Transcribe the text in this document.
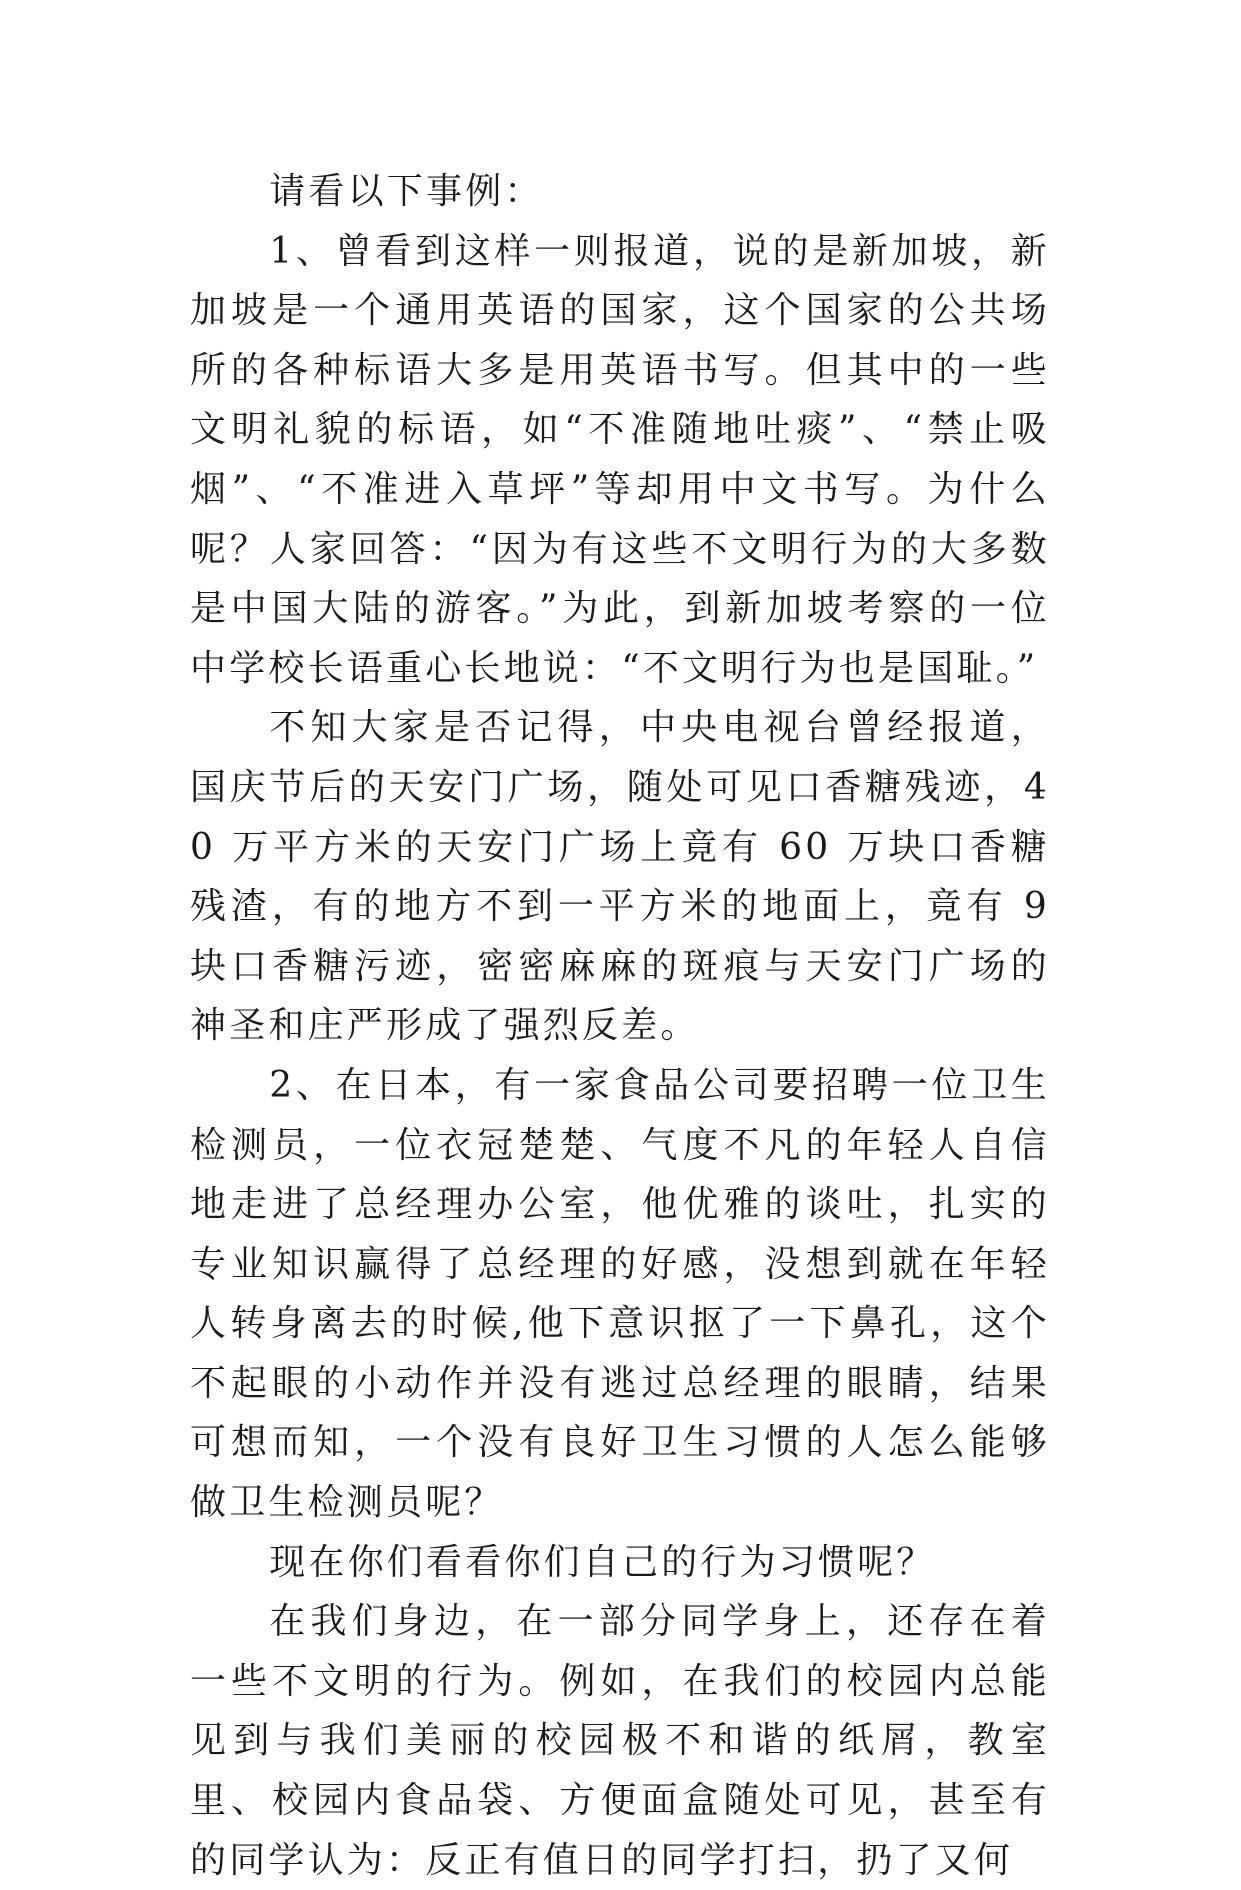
请看以下事例：

1、曾看到这样一则报道，说的是新加坡，新加坡是一个通用英语的国家，这个国家的公共场所的各种标语大多是用英语书写。但其中的一些文明礼貌的标语，如“不准随地吐痰”、“禁止吸烟”、“不准进入草坪”等却用中文书写。为什么呢？人家回答：“因为有这些不文明行为的大多数是中国大陆的游客。”为此，到新加坡考察的一位中学校长语重心长地说：“不文明行为也是国耻。”

不知大家是否记得，中央电视台曾经报道，国庆节后的天安门广场，随处可见口香糖残迹，40 万平方米的天安门广场上竟有 60 万块口香糖残渣，有的地方不到一平方米的地面上，竟有 9 块口香糖污迹，密密麻麻的斑痕与天安门广场的神圣和庄严形成了强烈反差。

2、在日本，有一家食品公司要招聘一位卫生检测员，一位衣冠楚楚、气度不凡的年轻人自信地走进了总经理办公室，他优雅的谈吐，扎实的专业知识赢得了总经理的好感，没想到就在年轻人转身离去的时候,他下意识抠了一下鼻孔，这个不起眼的小动作并没有逃过总经理的眼睛，结果可想而知，一个没有良好卫生习惯的人怎么能够做卫生检测员呢？

现在你们看看你们自己的行为习惯呢？

在我们身边，在一部分同学身上，还存在着一些不文明的行为。例如，在我们的校园内总能见到与我们美丽的校园极不和谐的纸屑，教室里、校园内食品袋、方便面盒随处可见，甚至有的同学认为：反正有值日的同学打扫，扔了又何
